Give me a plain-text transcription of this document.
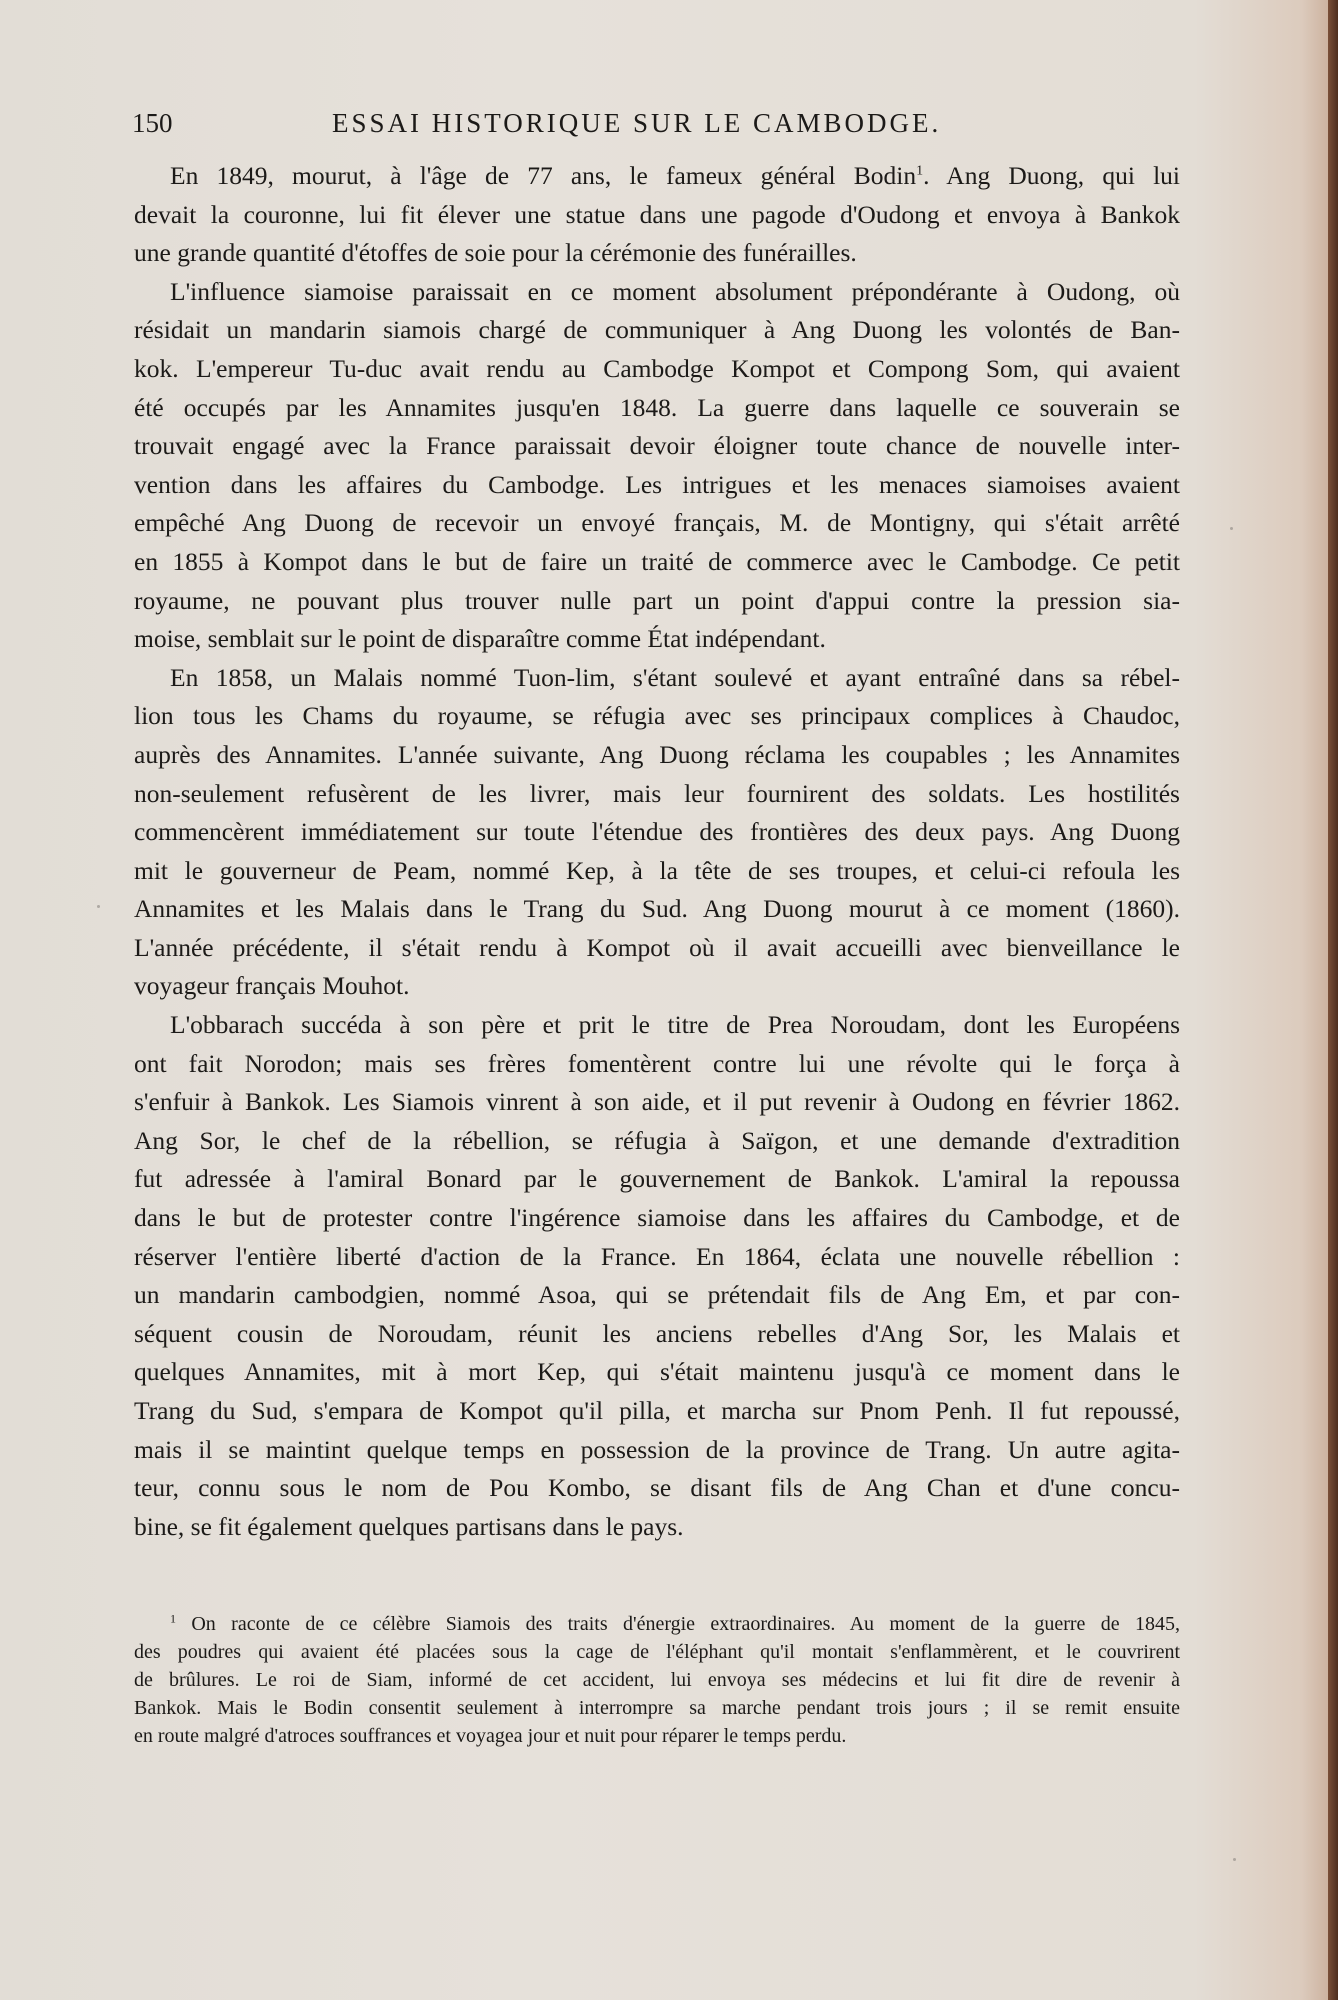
150	ESSAI HISTORIQUE SUR LE CAMBODGE.
En 1849, mourut, à l'âge de 77 ans, le fameux général Bodin$^1$. Ang Duong, qui lui
devait la couronne, lui fit élever une statue dans une pagode d'Oudong et envoya à Bankok
une grande quantité d'étoffes de soie pour la cérémonie des funérailles.
L'influence siamoise paraissait en ce moment absolument prépondérante à Oudong, où
résidait un mandarin siamois chargé de communiquer à Ang Duong les volontés de Ban-
kok. L'empereur Tu-duc avait rendu au Cambodge Kompot et Compong Som, qui avaient
été occupés par les Annamites jusqu'en 1848. La guerre dans laquelle ce souverain se
trouvait engagé avec la France paraissait devoir éloigner toute chance de nouvelle inter-
vention dans les affaires du Cambodge. Les intrigues et les menaces siamoises avaient
empêché Ang Duong de recevoir un envoyé français, M. de Montigny, qui s'était arrêté
en 1855 à Kompot dans le but de faire un traité de commerce avec le Cambodge. Ce petit
royaume, ne pouvant plus trouver nulle part un point d'appui contre la pression sia-
moise, semblait sur le point de disparaître comme État indépendant.
En 1858, un Malais nommé Tuon-lim, s'étant soulevé et ayant entraîné dans sa rébel-
lion tous les Chams du royaume, se réfugia avec ses principaux complices à Chaudoc,
auprès des Annamites. L'année suivante, Ang Duong réclama les coupables ; les Annamites
non-seulement refusèrent de les livrer, mais leur fournirent des soldats. Les hostilités
commencèrent immédiatement sur toute l'étendue des frontières des deux pays. Ang Duong
mit le gouverneur de Peam, nommé Kep, à la tête de ses troupes, et celui-ci refoula les
Annamites et les Malais dans le Trang du Sud. Ang Duong mourut à ce moment (1860).
L'année précédente, il s'était rendu à Kompot où il avait accueilli avec bienveillance le
voyageur français Mouhot.
L'obbarach succéda à son père et prit le titre de Prea Noroudam, dont les Européens
ont fait Norodon; mais ses frères fomentèrent contre lui une révolte qui le força à
s'enfuir à Bankok. Les Siamois vinrent à son aide, et il put revenir à Oudong en février 1862.
Ang Sor, le chef de la rébellion, se réfugia à Saïgon, et une demande d'extradition
fut adressée à l'amiral Bonard par le gouvernement de Bankok. L'amiral la repoussa
dans le but de protester contre l'ingérence siamoise dans les affaires du Cambodge, et de
réserver l'entière liberté d'action de la France. En 1864, éclata une nouvelle rébellion :
un mandarin cambodgien, nommé Asoa, qui se prétendait fils de Ang Em, et par con-
séquent cousin de Noroudam, réunit les anciens rebelles d'Ang Sor, les Malais et
quelques Annamites, mit à mort Kep, qui s'était maintenu jusqu'à ce moment dans le
Trang du Sud, s'empara de Kompot qu'il pilla, et marcha sur Pnom Penh. Il fut repoussé,
mais il se maintint quelque temps en possession de la province de Trang. Un autre agita-
teur, connu sous le nom de Pou Kombo, se disant fils de Ang Chan et d'une concu-
bine, se fit également quelques partisans dans le pays.
$^1$ On raconte de ce célèbre Siamois des traits d'énergie extraordinaires. Au moment de la guerre de 1845,
des poudres qui avaient été placées sous la cage de l'éléphant qu'il montait s'enflammèrent, et le couvrirent
de brûlures. Le roi de Siam, informé de cet accident, lui envoya ses médecins et lui fit dire de revenir à
Bankok. Mais le Bodin consentit seulement à interrompre sa marche pendant trois jours ; il se remit ensuite
en route malgré d'atroces souffrances et voyagea jour et nuit pour réparer le temps perdu.
